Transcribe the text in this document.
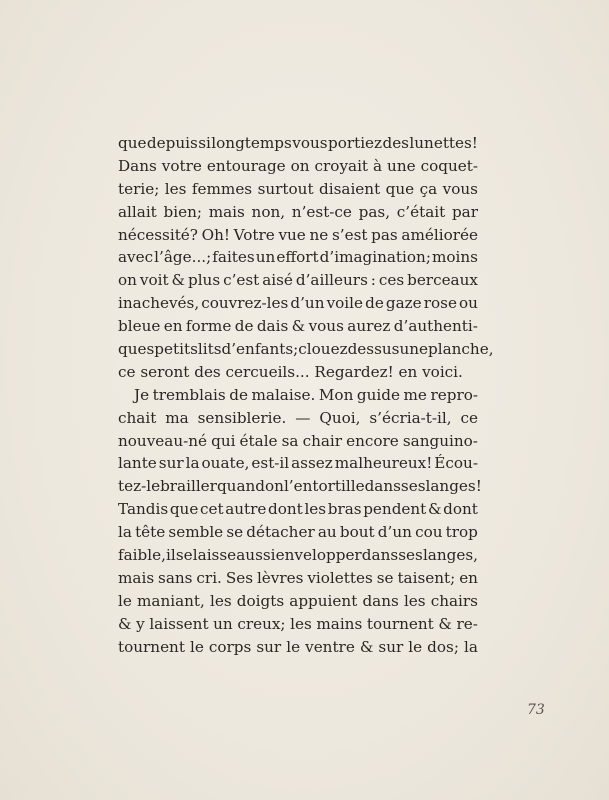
que depuis si longtemps vous portiez des lunettes!
Dans votre entourage on croyait à une coquet-
terie; les femmes surtout disaient que ça vous
allait bien; mais non, n’est-ce pas, c’était par
nécessité? Oh! Votre vue ne s’est pas améliorée
avec l’âge...; faites un effort d’imagination; moins
on voit & plus c’est aisé d’ailleurs : ces berceaux
inachevés, couvrez-les d’un voile de gaze rose ou
bleue en forme de dais & vous aurez d’authenti-
ques petits lits d’enfants; clouez dessus une planche,
ce seront des cercueils... Regardez! en voici.
Je tremblais de malaise. Mon guide me repro-
chait ma sensiblerie. — Quoi, s’écria-t-il, ce
nouveau-né qui étale sa chair encore sanguino-
lante sur la ouate, est-il assez malheureux! Écou-
tez-le brailler quand on l’entortille dans ses langes!
Tandis que cet autre dont les bras pendent & dont
la tête semble se détacher au bout d’un cou trop
faible, il se laisse aussi envelopper dans ses langes,
mais sans cri. Ses lèvres violettes se taisent; en
le maniant, les doigts appuient dans les chairs
& y laissent un creux; les mains tournent & re-
tournent le corps sur le ventre & sur le dos; la
73
